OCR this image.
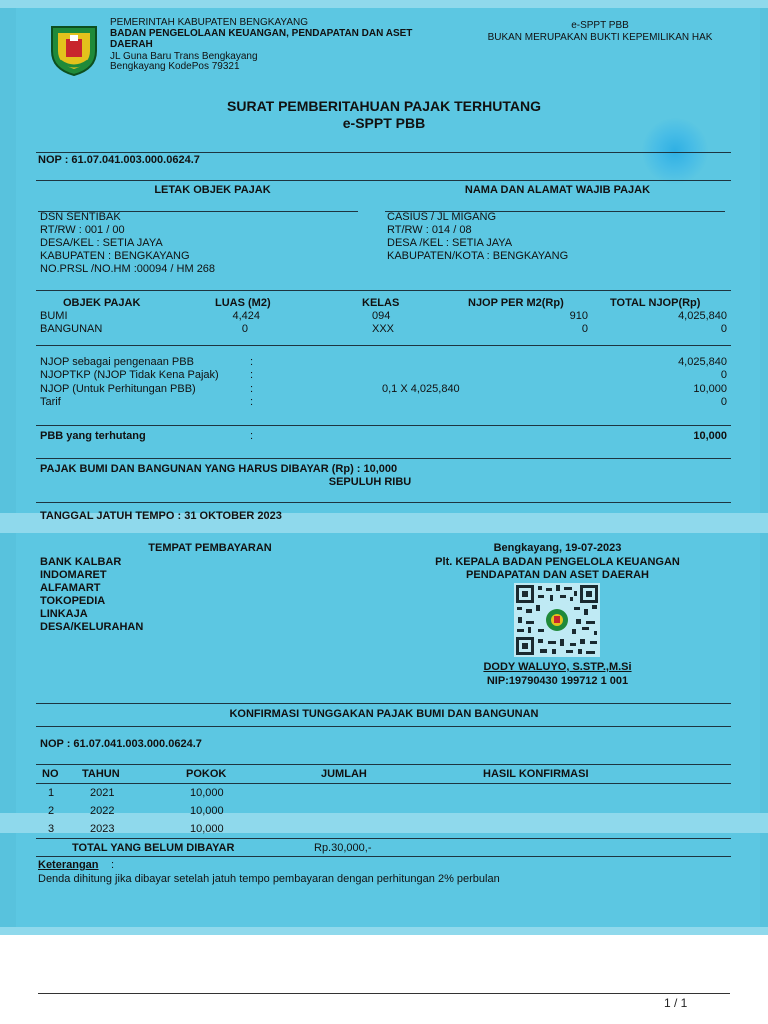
PEMERINTAH KABUPATEN BENGKAYANG
BADAN PENGELOLAAN KEUANGAN, PENDAPATAN DAN ASET
DAERAH
JL Guna Baru Trans Bengkayang
Bengkayang KodePos 79321
e-SPPT PBB
BUKAN MERUPAKAN BUKTI KEPEMILIKAN HAK
SURAT PEMBERITAHUAN PAJAK TERHUTANG
e-SPPT PBB
NOP : 61.07.041.003.000.0624.7
LETAK OBJEK PAJAK	NAMA DAN ALAMAT WAJIB PAJAK
DSN SENTIBAK
RT/RW : 001 / 00
DESA/KEL : SETIA JAYA
KABUPATEN : BENGKAYANG
NO.PRSL /NO.HM :00094 / HM 268
CASIUS / JL MIGANG
RT/RW : 014 / 08
DESA /KEL : SETIA JAYA
KABUPATEN/KOTA : BENGKAYANG
OBJEK PAJAK	LUAS (M2)	KELAS	NJOP PER M2(Rp)	TOTAL NJOP(Rp)
BUMI	4,424	094	910	4,025,840
BANGUNAN	0	XXX	0	0
NJOP sebagai pengenaan PBB	:	4,025,840
NJOPTKP (NJOP Tidak Kena Pajak)	:	0
NJOP (Untuk Perhitungan PBB)	:	0,1 X 4,025,840	10,000
Tarif	:	0
PBB yang terhutang	:	10,000
PAJAK BUMI DAN BANGUNAN YANG HARUS DIBAYAR (Rp) : 10,000
SEPULUH RIBU
TANGGAL JATUH TEMPO : 31 OKTOBER 2023
TEMPAT PEMBAYARAN
BANK KALBAR
INDOMARET
ALFAMART
TOKOPEDIA
LINKAJA
DESA/KELURAHAN
Bengkayang, 19-07-2023
Plt. KEPALA BADAN PENGELOLA KEUANGAN
PENDAPATAN DAN ASET DAERAH
DODY WALUYO, S.STP.,M.Si
NIP:19790430 199712 1 001
KONFIRMASI TUNGGAKAN PAJAK BUMI DAN BANGUNAN
NOP : 61.07.041.003.000.0624.7
NO TAHUN	POKOK	JUMLAH	HASIL KONFIRMASI
1	2021	10,000
2	2022	10,000
3	2023	10,000
TOTAL YANG BELUM DIBAYAR	Rp.30,000,-
Keterangan :
Denda dihitung jika dibayar setelah jatuh tempo pembayaran dengan perhitungan 2% perbulan
1 / 1
